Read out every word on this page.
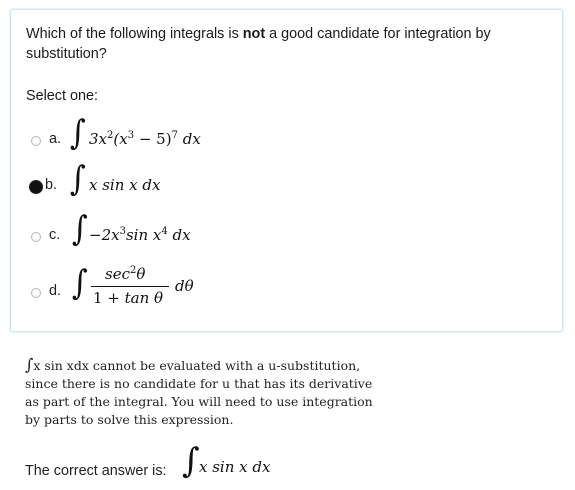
Which of the following integrals is not a good candidate for integration by substitution?
Select one:
a. ∫ $3x^2(x^3 - 5)^7$ dx
b. ∫ x sin x dx
c. ∫ $-2x^3\sin$ $x^4$ dx
d. ∫ $\sec^2\theta$
1 + tan θ
dθ
∫x sin xdx cannot be evaluated with a u-substitution,
since there is no candidate for u that has its derivative
as part of the integral. You will need to use integration
by parts to solve this expression.
The correct answer is: ∫ x sin x dx
